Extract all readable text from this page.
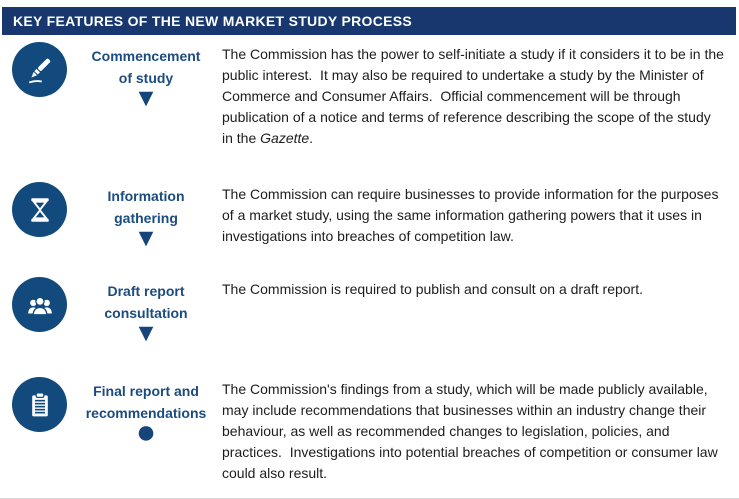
KEY FEATURES OF THE NEW MARKET STUDY PROCESS
Commencement of study
▼
The Commission has the power to self-initiate a study if it considers it to be in the public interest.  It may also be required to undertake a study by the Minister of Commerce and Consumer Affairs.  Official commencement will be through publication of a notice and terms of reference describing the scope of the study in the Gazette.
Information gathering
▼
The Commission can require businesses to provide information for the purposes of a market study, using the same information gathering powers that it uses in investigations into breaches of competition law.
Draft report consultation
▼
The Commission is required to publish and consult on a draft report.
Final report and recommendations
●
The Commission's findings from a study, which will be made publicly available, may include recommendations that businesses within an industry change their behaviour, as well as recommended changes to legislation, policies, and practices.  Investigations into potential breaches of competition or consumer law could also result.
